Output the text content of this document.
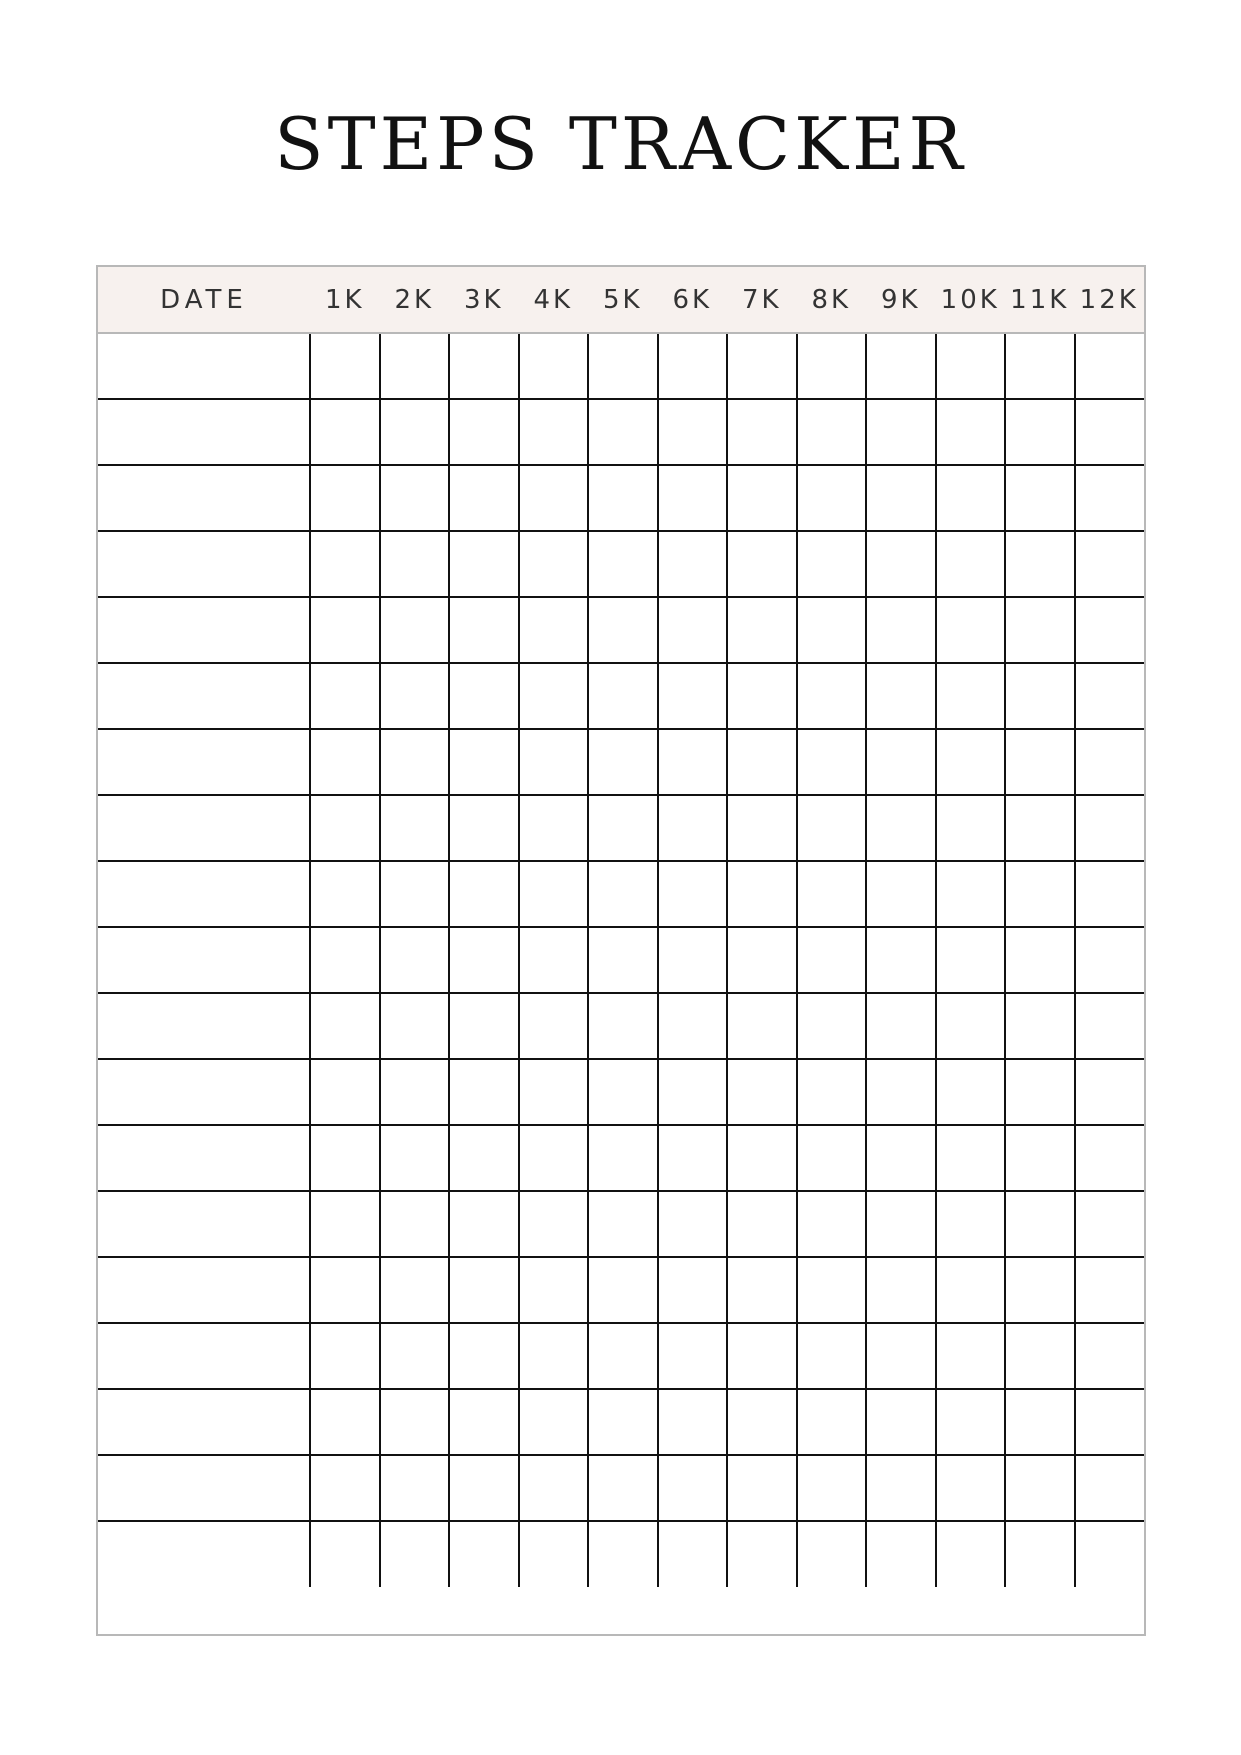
STEPS TRACKER
DATE	1K	2K	3K	4K	5K	6K	7K	8K	9K	10K	11K	12K
